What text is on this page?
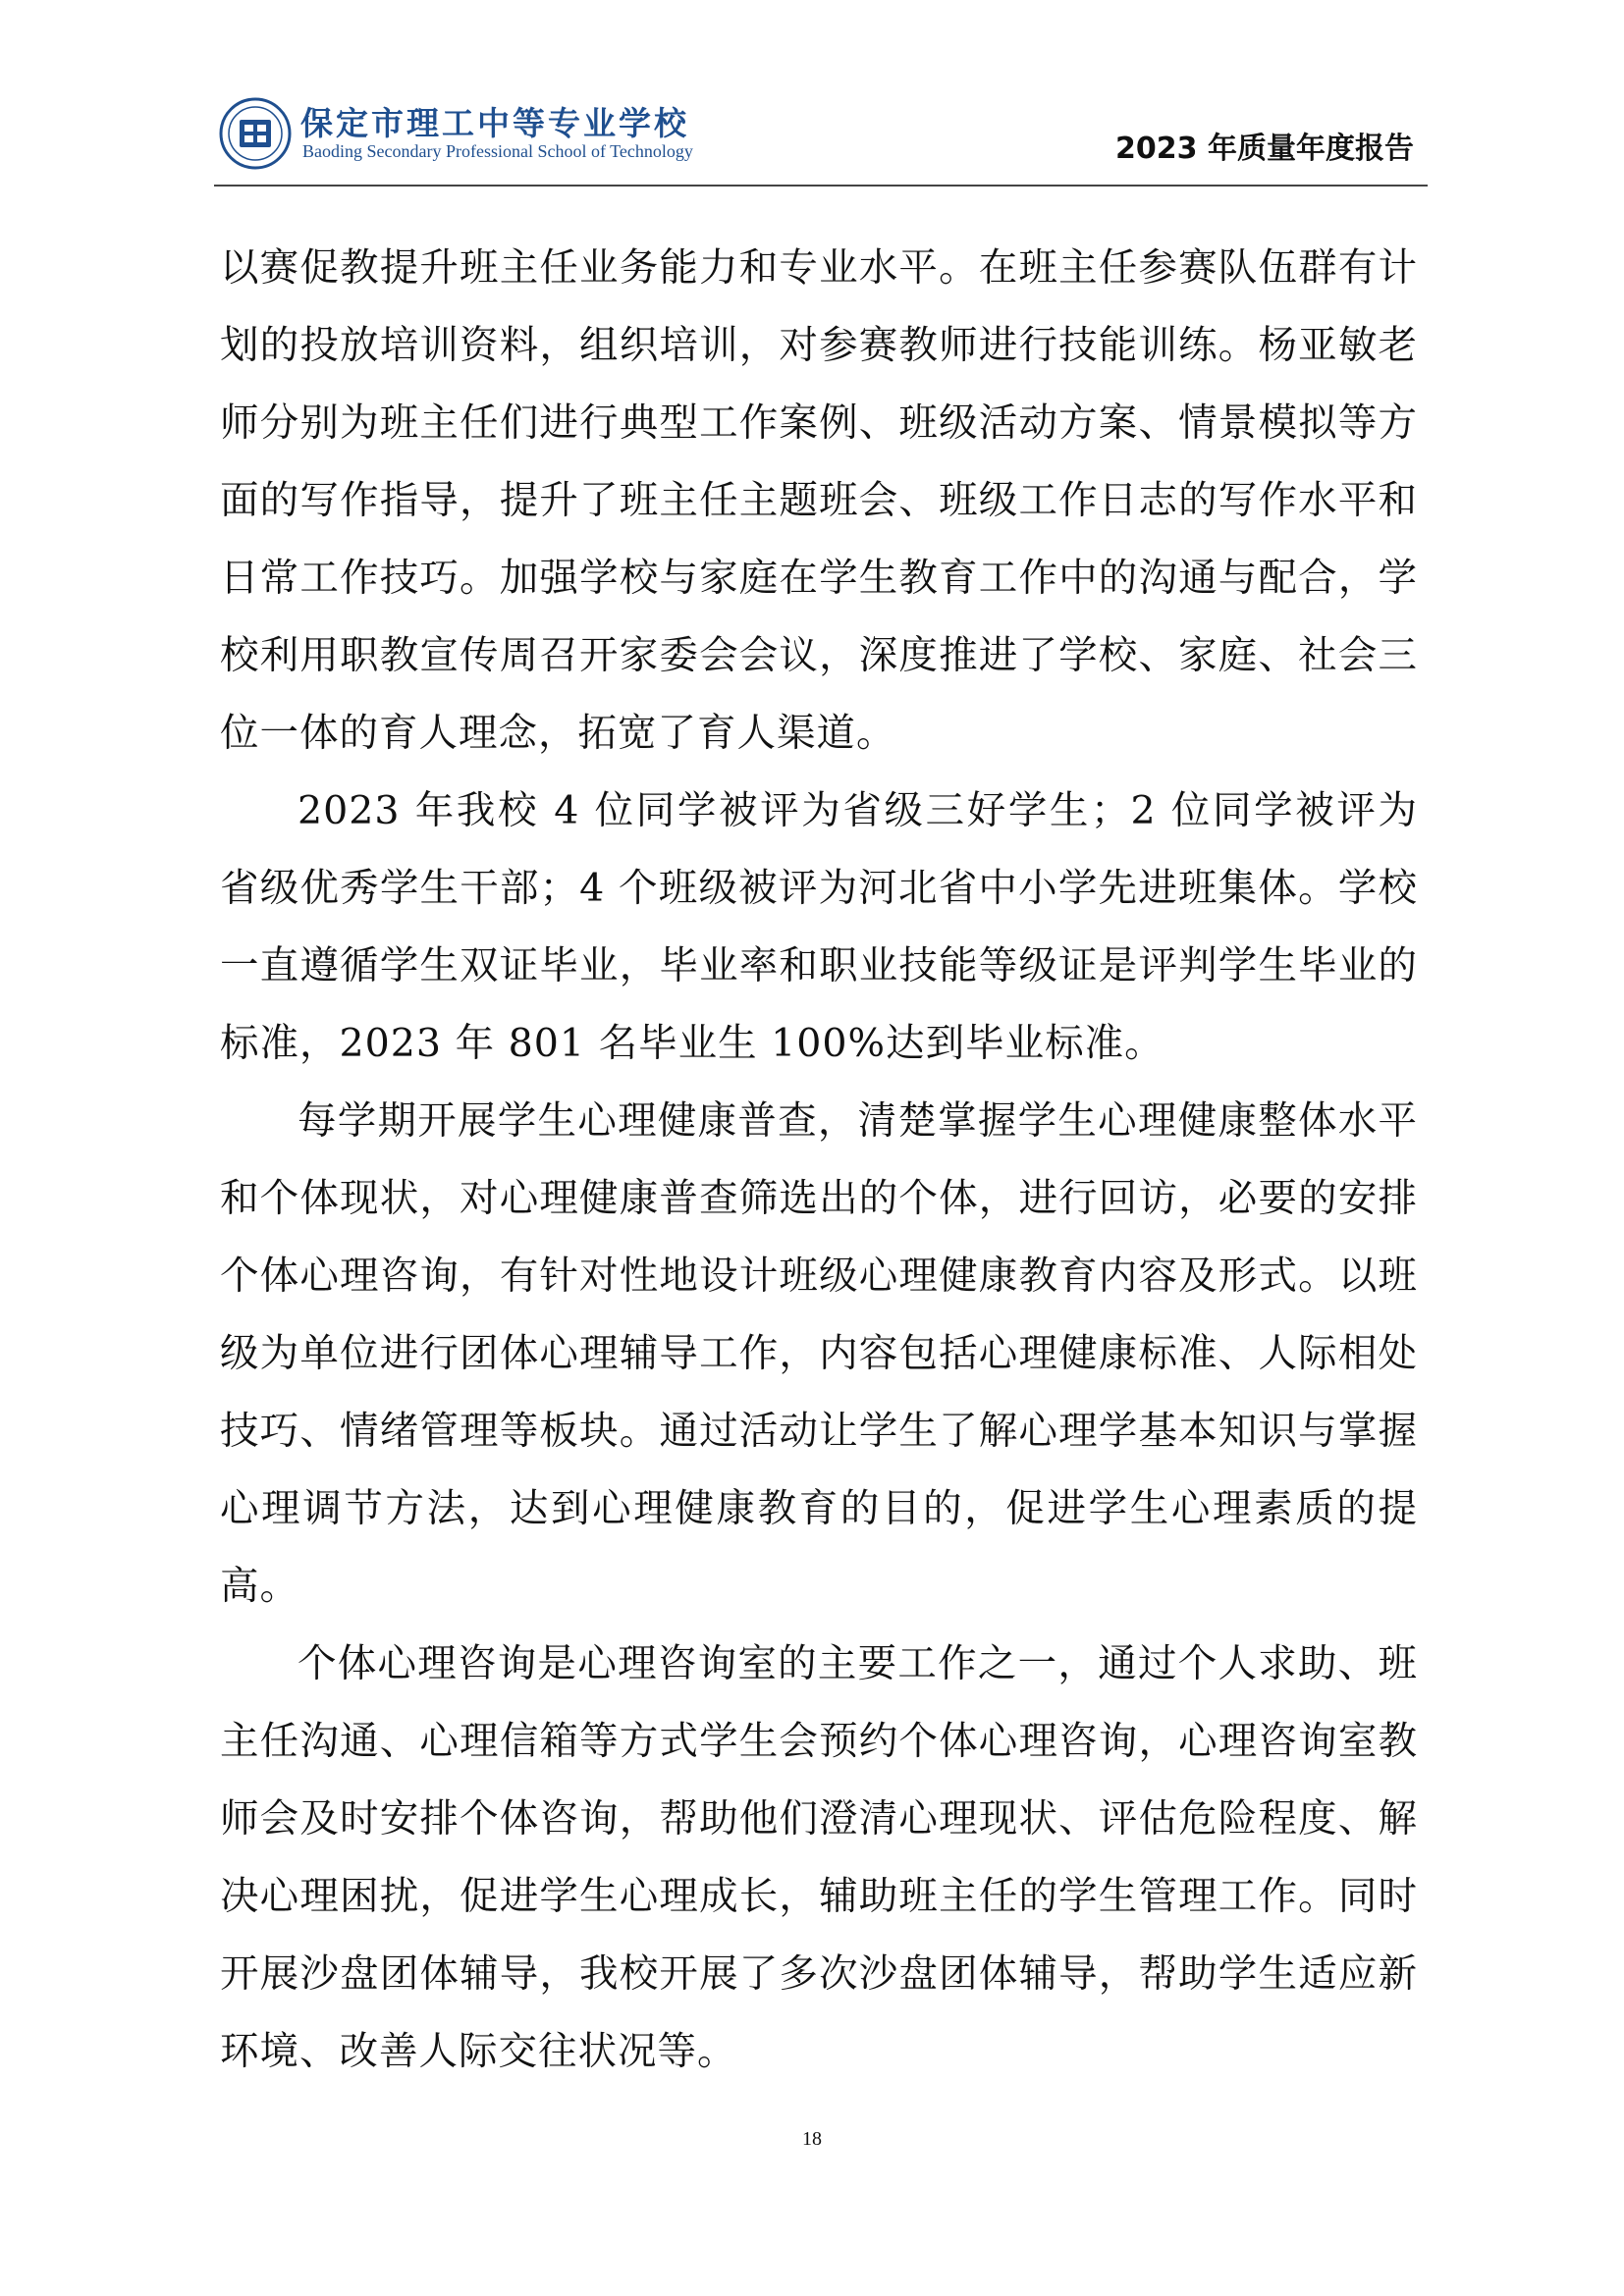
保定市理工中等专业学校
Baoding Secondary Professional School of Technology	2023 年质量年度报告

以赛促教提升班主任业务能力和专业水平。在班主任参赛队伍群有计划的投放培训资料，组织培训，对参赛教师进行技能训练。杨亚敏老师分别为班主任们进行典型工作案例、班级活动方案、情景模拟等方面的写作指导，提升了班主任主题班会、班级工作日志的写作水平和日常工作技巧。加强学校与家庭在学生教育工作中的沟通与配合，学校利用职教宣传周召开家委会会议，深度推进了学校、家庭、社会三位一体的育人理念，拓宽了育人渠道。

2023 年我校 4 位同学被评为省级三好学生；2 位同学被评为省级优秀学生干部；4 个班级被评为河北省中小学先进班集体。学校一直遵循学生双证毕业，毕业率和职业技能等级证是评判学生毕业的标准，2023 年 801 名毕业生 100%达到毕业标准。

每学期开展学生心理健康普查，清楚掌握学生心理健康整体水平和个体现状，对心理健康普查筛选出的个体，进行回访，必要的安排个体心理咨询，有针对性地设计班级心理健康教育内容及形式。以班级为单位进行团体心理辅导工作，内容包括心理健康标准、人际相处技巧、情绪管理等板块。通过活动让学生了解心理学基本知识与掌握心理调节方法，达到心理健康教育的目的，促进学生心理素质的提高。

个体心理咨询是心理咨询室的主要工作之一，通过个人求助、班主任沟通、心理信箱等方式学生会预约个体心理咨询，心理咨询室教师会及时安排个体咨询，帮助他们澄清心理现状、评估危险程度、解决心理困扰，促进学生心理成长，辅助班主任的学生管理工作。同时开展沙盘团体辅导，我校开展了多次沙盘团体辅导，帮助学生适应新环境、改善人际交往状况等。

18
